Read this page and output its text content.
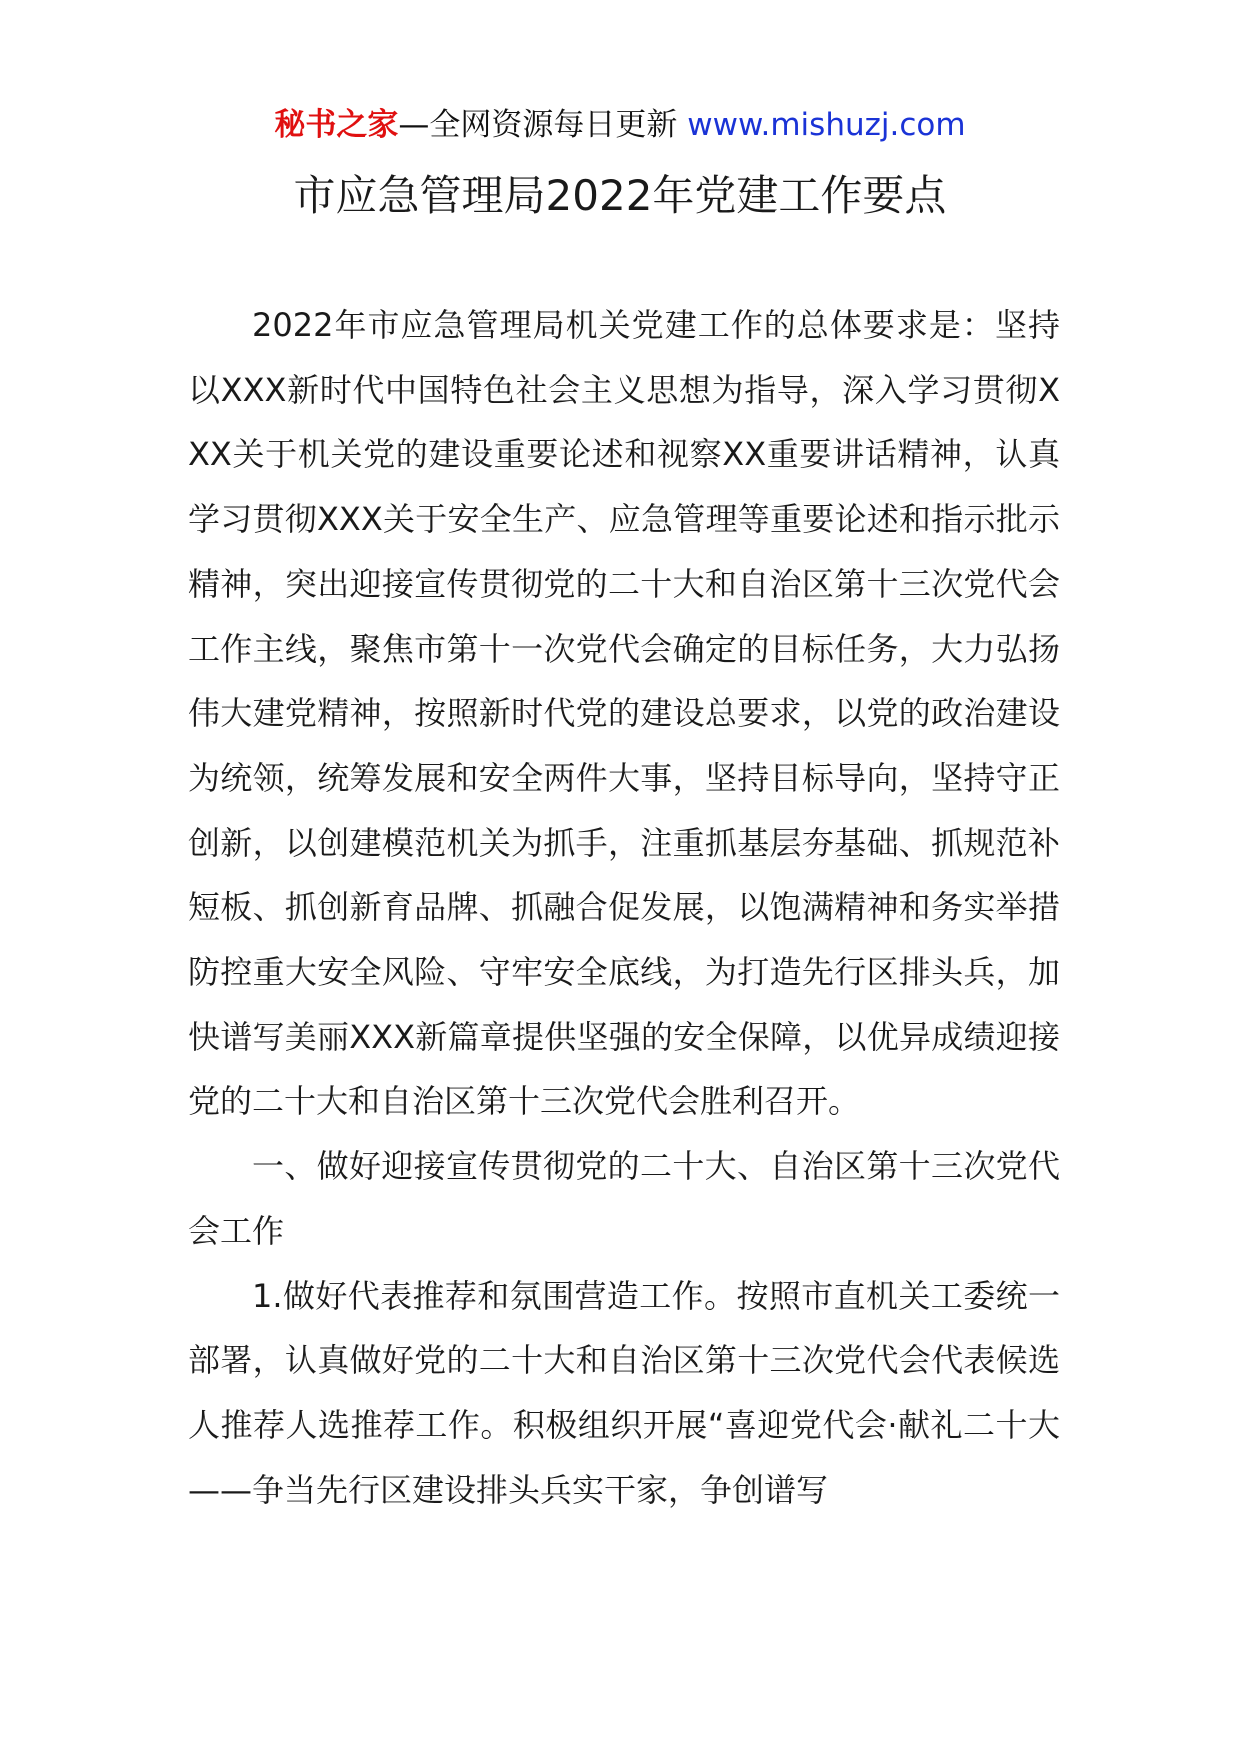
秘书之家—全网资源每日更新 www.mishuzj.com
市应急管理局2022年党建工作要点

2022年市应急管理局机关党建工作的总体要求是：坚持以XXX新时代中国特色社会主义思想为指导，深入学习贯彻XXX关于机关党的建设重要论述和视察XX重要讲话精神，认真学习贯彻XXX关于安全生产、应急管理等重要论述和指示批示精神，突出迎接宣传贯彻党的二十大和自治区第十三次党代会工作主线，聚焦市第十一次党代会确定的目标任务，大力弘扬伟大建党精神，按照新时代党的建设总要求，以党的政治建设为统领，统筹发展和安全两件大事，坚持目标导向，坚持守正创新，以创建模范机关为抓手，注重抓基层夯基础、抓规范补短板、抓创新育品牌、抓融合促发展，以饱满精神和务实举措防控重大安全风险、守牢安全底线，为打造先行区排头兵，加快谱写美丽XXX新篇章提供坚强的安全保障，以优异成绩迎接党的二十大和自治区第十三次党代会胜利召开。

一、做好迎接宣传贯彻党的二十大、自治区第十三次党代会工作

1.做好代表推荐和氛围营造工作。按照市直机关工委统一部署，认真做好党的二十大和自治区第十三次党代会代表候选人推荐人选推荐工作。积极组织开展“喜迎党代会·献礼二十大——争当先行区建设排头兵实干家，争创谱写
